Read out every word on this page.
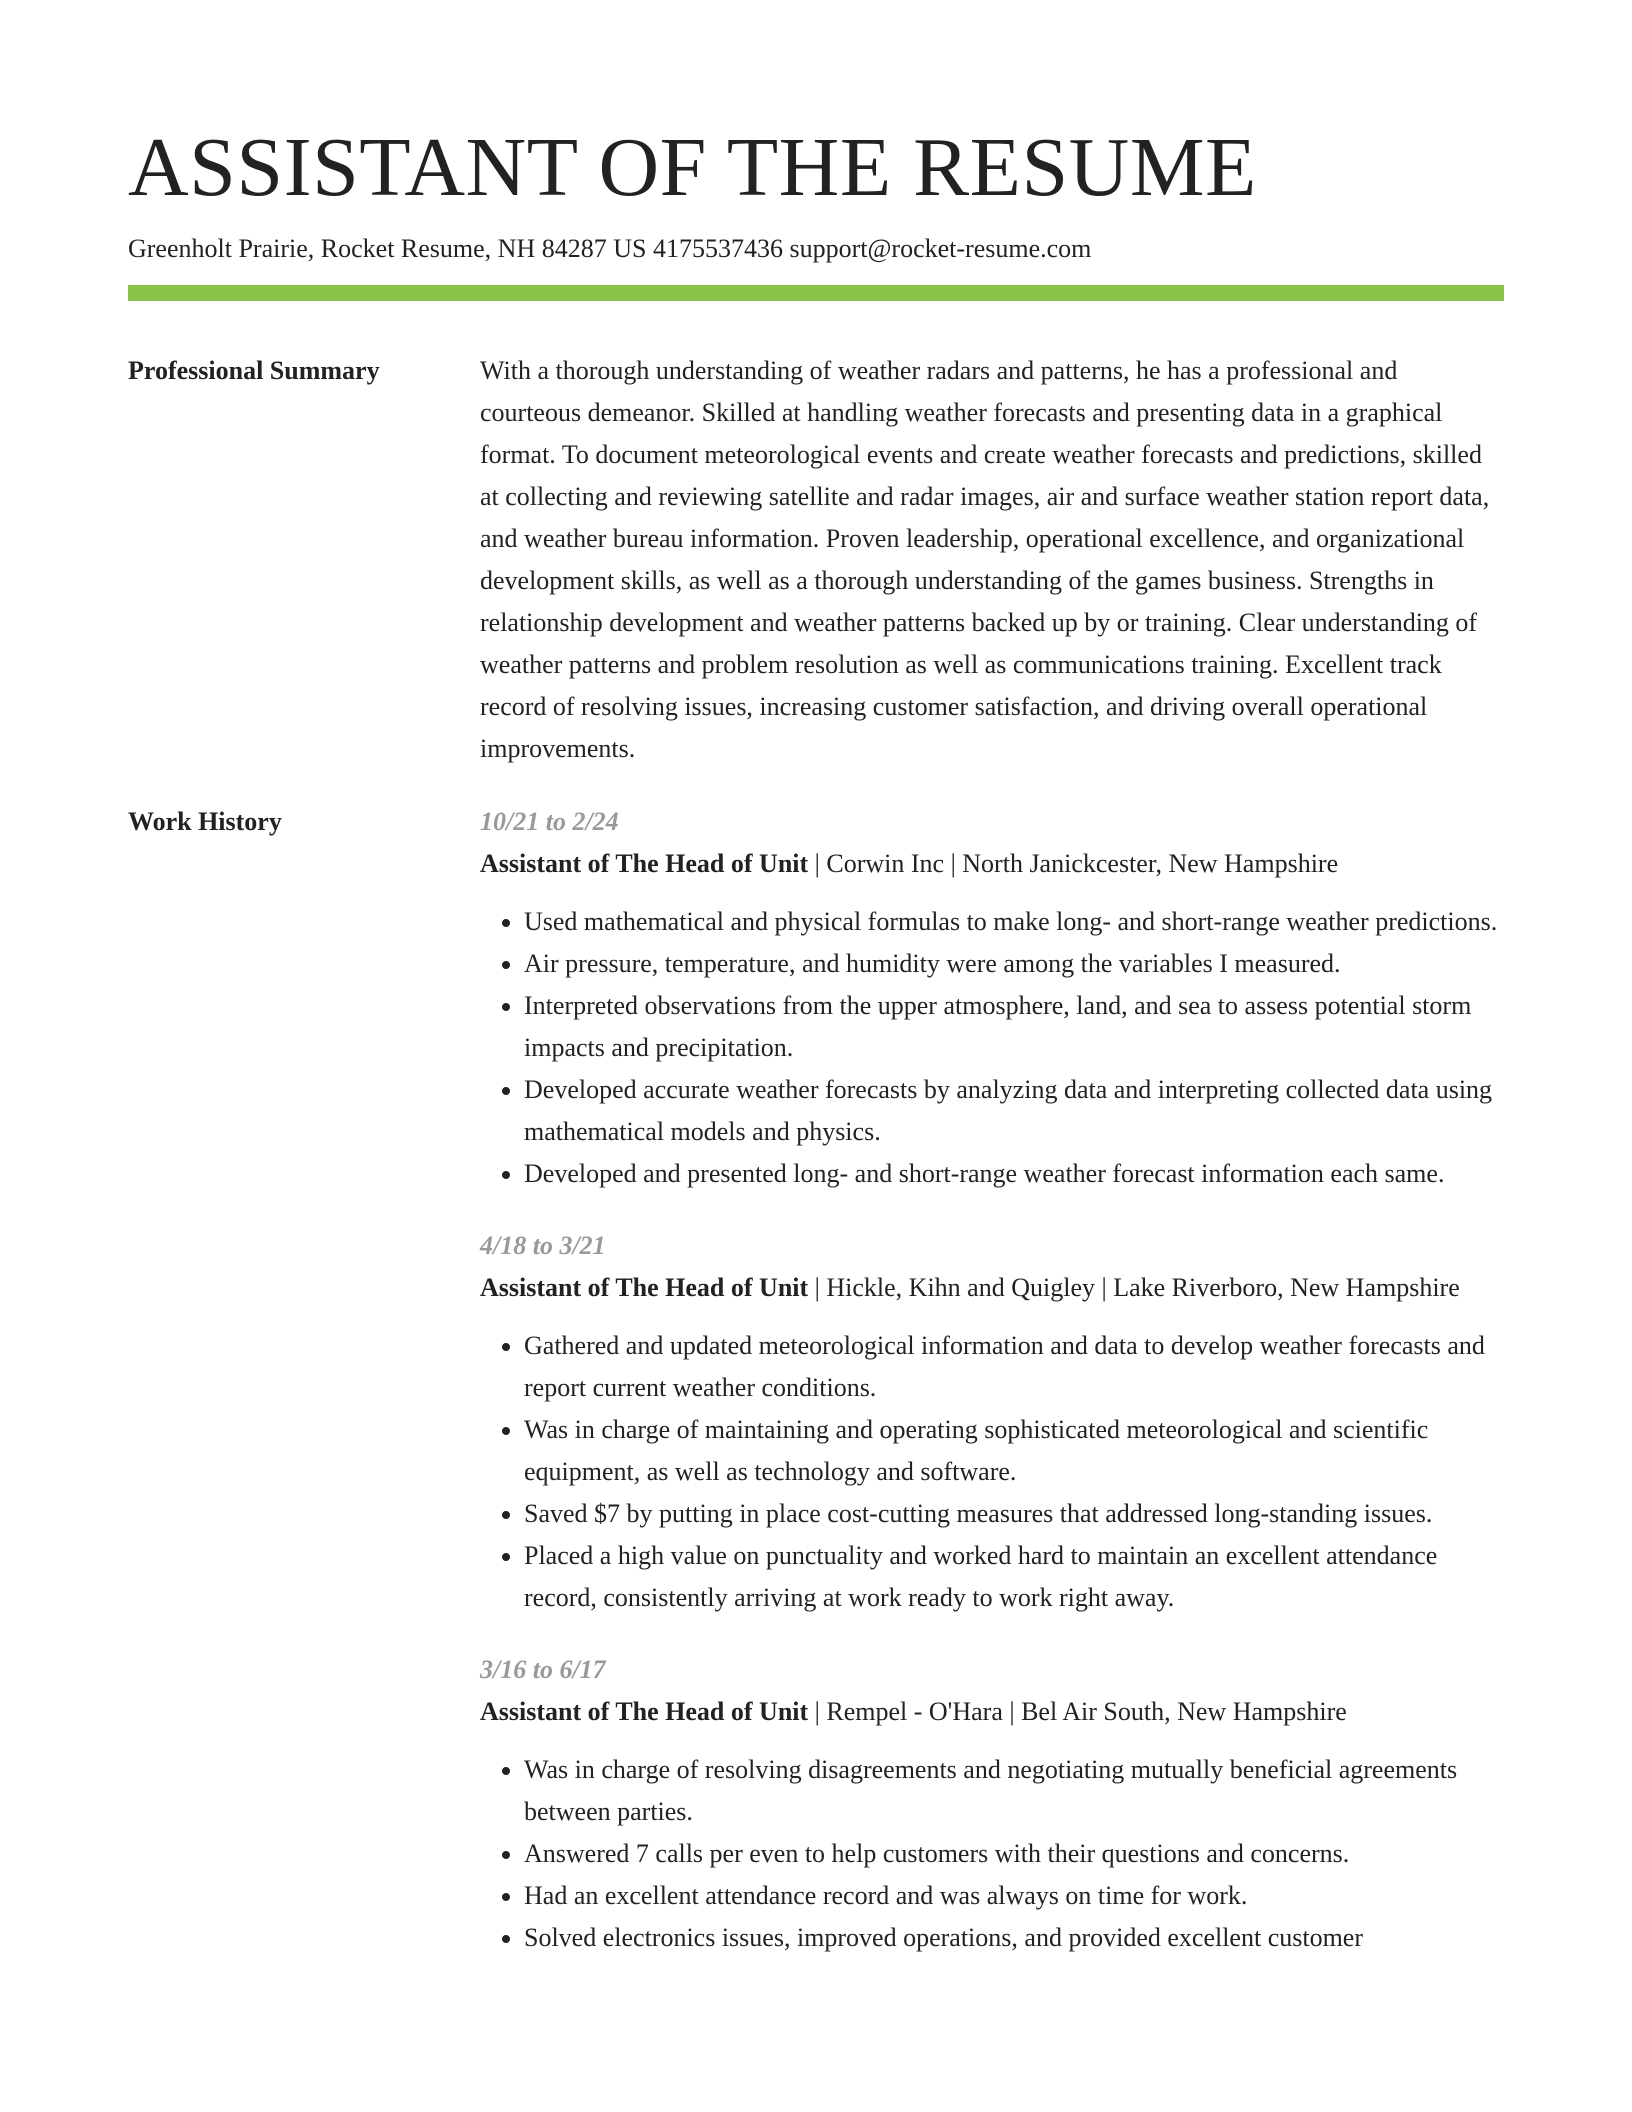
ASSISTANT OF THE RESUME
Greenholt Prairie, Rocket Resume, NH 84287 US 4175537436 support@rocket-resume.com
Professional Summary	With a thorough understanding of weather radars and patterns, he has a professional and courteous demeanor. Skilled at handling weather forecasts and presenting data in a graphical format. To document meteorological events and create weather forecasts and predictions, skilled at collecting and reviewing satellite and radar images, air and surface weather station report data, and weather bureau information. Proven leadership, operational excellence, and organizational development skills, as well as a thorough understanding of the games business. Strengths in relationship development and weather patterns backed up by or training. Clear understanding of weather patterns and problem resolution as well as communications training. Excellent track record of resolving issues, increasing customer satisfaction, and driving overall operational improvements.

Work History	10/21 to 2/24
Assistant of The Head of Unit | Corwin Inc | North Janickcester, New Hampshire
• Used mathematical and physical formulas to make long- and short-range weather predictions.
• Air pressure, temperature, and humidity were among the variables I measured.
• Interpreted observations from the upper atmosphere, land, and sea to assess potential storm impacts and precipitation.
• Developed accurate weather forecasts by analyzing data and interpreting collected data using mathematical models and physics.
• Developed and presented long- and short-range weather forecast information each same.
4/18 to 3/21
Assistant of The Head of Unit | Hickle, Kihn and Quigley | Lake Riverboro, New Hampshire
• Gathered and updated meteorological information and data to develop weather forecasts and report current weather conditions.
• Was in charge of maintaining and operating sophisticated meteorological and scientific equipment, as well as technology and software.
• Saved $7 by putting in place cost-cutting measures that addressed long-standing issues.
• Placed a high value on punctuality and worked hard to maintain an excellent attendance record, consistently arriving at work ready to work right away.
3/16 to 6/17
Assistant of The Head of Unit | Rempel - O'Hara | Bel Air South, New Hampshire
• Was in charge of resolving disagreements and negotiating mutually beneficial agreements between parties.
• Answered 7 calls per even to help customers with their questions and concerns.
• Had an excellent attendance record and was always on time for work.
• Solved electronics issues, improved operations, and provided excellent customer
